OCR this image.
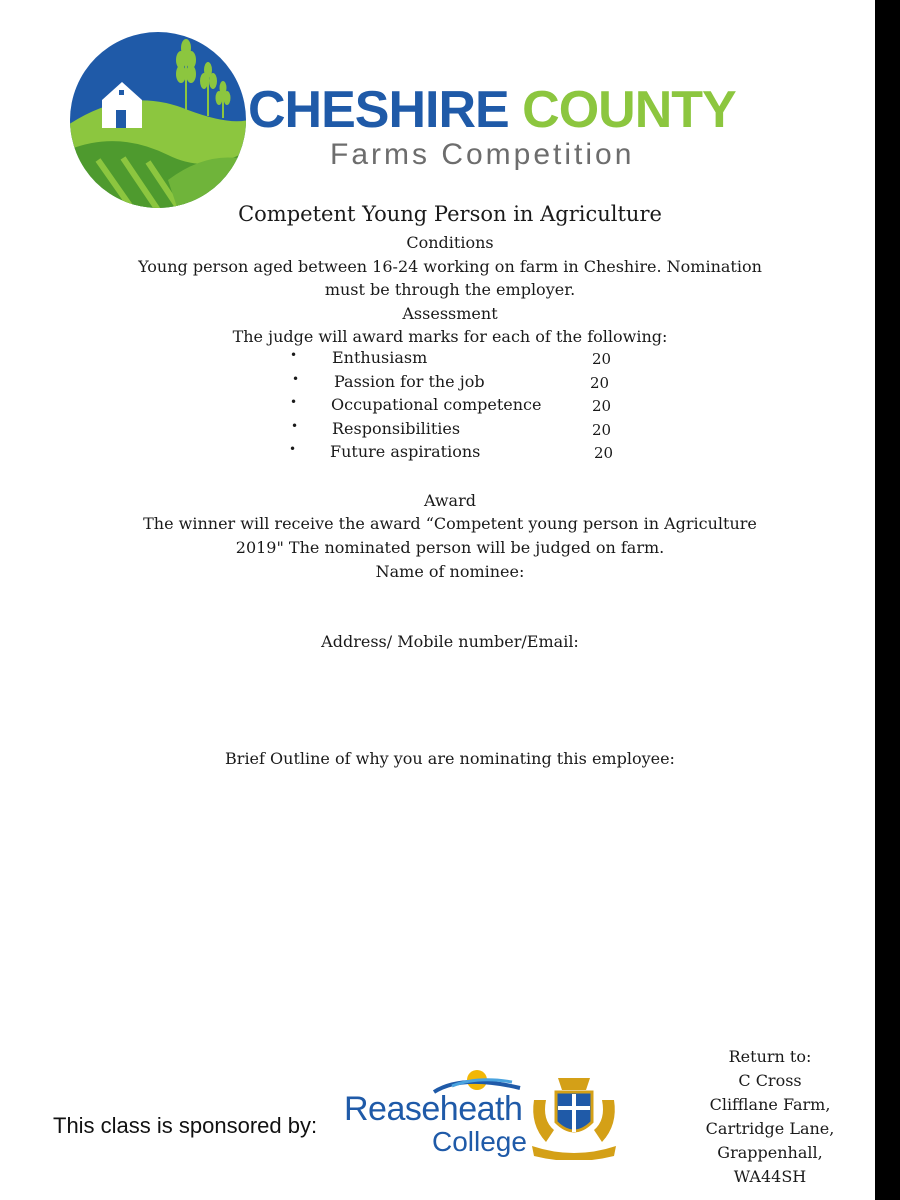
CHESHIRE COUNTY
Farms Competition
Competent Young Person in Agriculture
Conditions
Young person aged between 16-24 working on farm in Cheshire. Nomination
must be through the employer.
Assessment
The judge will award marks for each of the following:
• Enthusiasm	20
• Passion for the job	20
• Occupational competence	20
• Responsibilities	20
• Future aspirations	20
Award
The winner will receive the award “Competent young person in Agriculture
2019" The nominated person will be judged on farm.
Name of nominee:
Address/ Mobile number/Email:
Brief Outline of why you are nominating this employee:
This class is sponsored by: Reaseheath
College
Return to:
C Cross
Clifflane Farm,
Cartridge Lane,
Grappenhall,
WA44SH
